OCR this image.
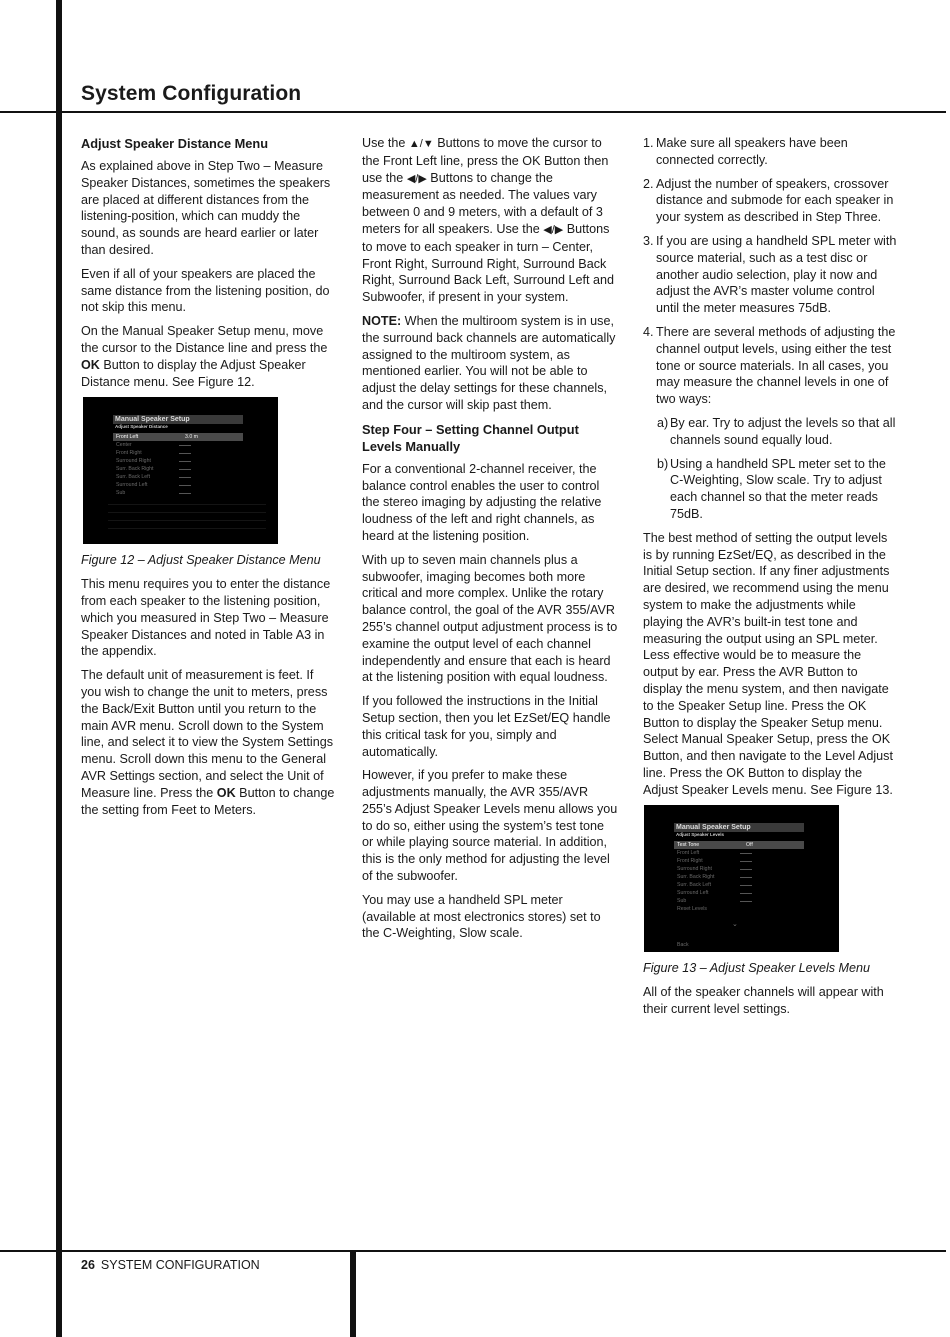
System Configuration
Adjust Speaker Distance Menu

As explained above in Step Two – Measure Speaker Distances, sometimes the speakers are placed at different distances from the listening-position, which can muddy the sound, as sounds are heard earlier or later than desired.

Even if all of your speakers are placed the same distance from the listening position, do not skip this menu.

On the Manual Speaker Setup menu, move the cursor to the Distance line and press the OK Button to display the Adjust Speaker Distance menu. See Figure 12.

Manual Speaker Setup
Adjust Speaker Distance
Front Left	3.0 m
Center
Front Right
Surround Right
Surr. Back Right
Surr. Back Left
Surround Left
Sub

Figure 12 – Adjust Speaker Distance Menu

This menu requires you to enter the distance from each speaker to the listening position, which you measured in Step Two – Measure Speaker Distances and noted in Table A3 in the appendix.

The default unit of measurement is feet. If you wish to change the unit to meters, press the Back/Exit Button until you return to the main AVR menu. Scroll down to the System line, and select it to view the System Settings menu. Scroll down this menu to the General AVR Settings section, and select the Unit of Measure line. Press the OK Button to change the setting from Feet to Meters.

Use the ▲/▼ Buttons to move the cursor to the Front Left line, press the OK Button then use the ◀/▶ Buttons to change the measurement as needed. The values vary between 0 and 9 meters, with a default of 3 meters for all speakers. Use the ◀/▶ Buttons to move to each speaker in turn – Center, Front Right, Surround Right, Surround Back Right, Surround Back Left, Surround Left and Subwoofer, if present in your system.

NOTE: When the multiroom system is in use, the surround back channels are automatically assigned to the multiroom system, as mentioned earlier. You will not be able to adjust the delay settings for these channels, and the cursor will skip past them.

Step Four – Setting Channel Output Levels Manually

For a conventional 2-channel receiver, the balance control enables the user to control the stereo imaging by adjusting the relative loudness of the left and right channels, as heard at the listening position.

With up to seven main channels plus a subwoofer, imaging becomes both more critical and more complex. Unlike the rotary balance control, the goal of the AVR 355/AVR 255’s channel output adjustment process is to examine the output level of each channel independently and ensure that each is heard at the listening position with equal loudness.

If you followed the instructions in the Initial Setup section, then you let EzSet/EQ handle this critical task for you, simply and automatically.

However, if you prefer to make these adjustments manually, the AVR 355/AVR 255’s Adjust Speaker Levels menu allows you to do so, either using the system’s test tone or while playing source material. In addition, this is the only method for adjusting the level of the subwoofer.

You may use a handheld SPL meter (available at most electronics stores) set to the C-Weighting, Slow scale.

1. Make sure all speakers have been connected correctly.
2. Adjust the number of speakers, crossover distance and submode for each speaker in your system as described in Step Three.
3. If you are using a handheld SPL meter with source material, such as a test disc or another audio selection, play it now and adjust the AVR’s master volume control until the meter measures 75dB.
4. There are several methods of adjusting the channel output levels, using either the test tone or source materials. In all cases, you may measure the channel levels in one of two ways:

a) By ear. Try to adjust the levels so that all channels sound equally loud.

b) Using a handheld SPL meter set to the C-Weighting, Slow scale. Try to adjust each channel so that the meter reads 75dB.

The best method of setting the output levels is by running EzSet/EQ, as described in the Initial Setup section. If any finer adjustments are desired, we recommend using the menu system to make the adjustments while playing the AVR’s built-in test tone and measuring the output using an SPL meter. Less effective would be to measure the output by ear. Press the AVR Button to display the menu system, and then navigate to the Speaker Setup line. Press the OK Button to display the Speaker Setup menu. Select Manual Speaker Setup, press the OK Button, and then navigate to the Level Adjust line. Press the OK Button to display the Adjust Speaker Levels menu. See Figure 13.

Manual Speaker Setup
Adjust Speaker Levels
Test Tone	Off
Front Left
Front Right
Surround Right
Surr. Back Right
Surr. Back Left
Surround Left
Sub
Reset Levels
⌄
Back

Figure 13 – Adjust Speaker Levels Menu

All of the speaker channels will appear with their current level settings.

26 SYSTEM CONFIGURATION
